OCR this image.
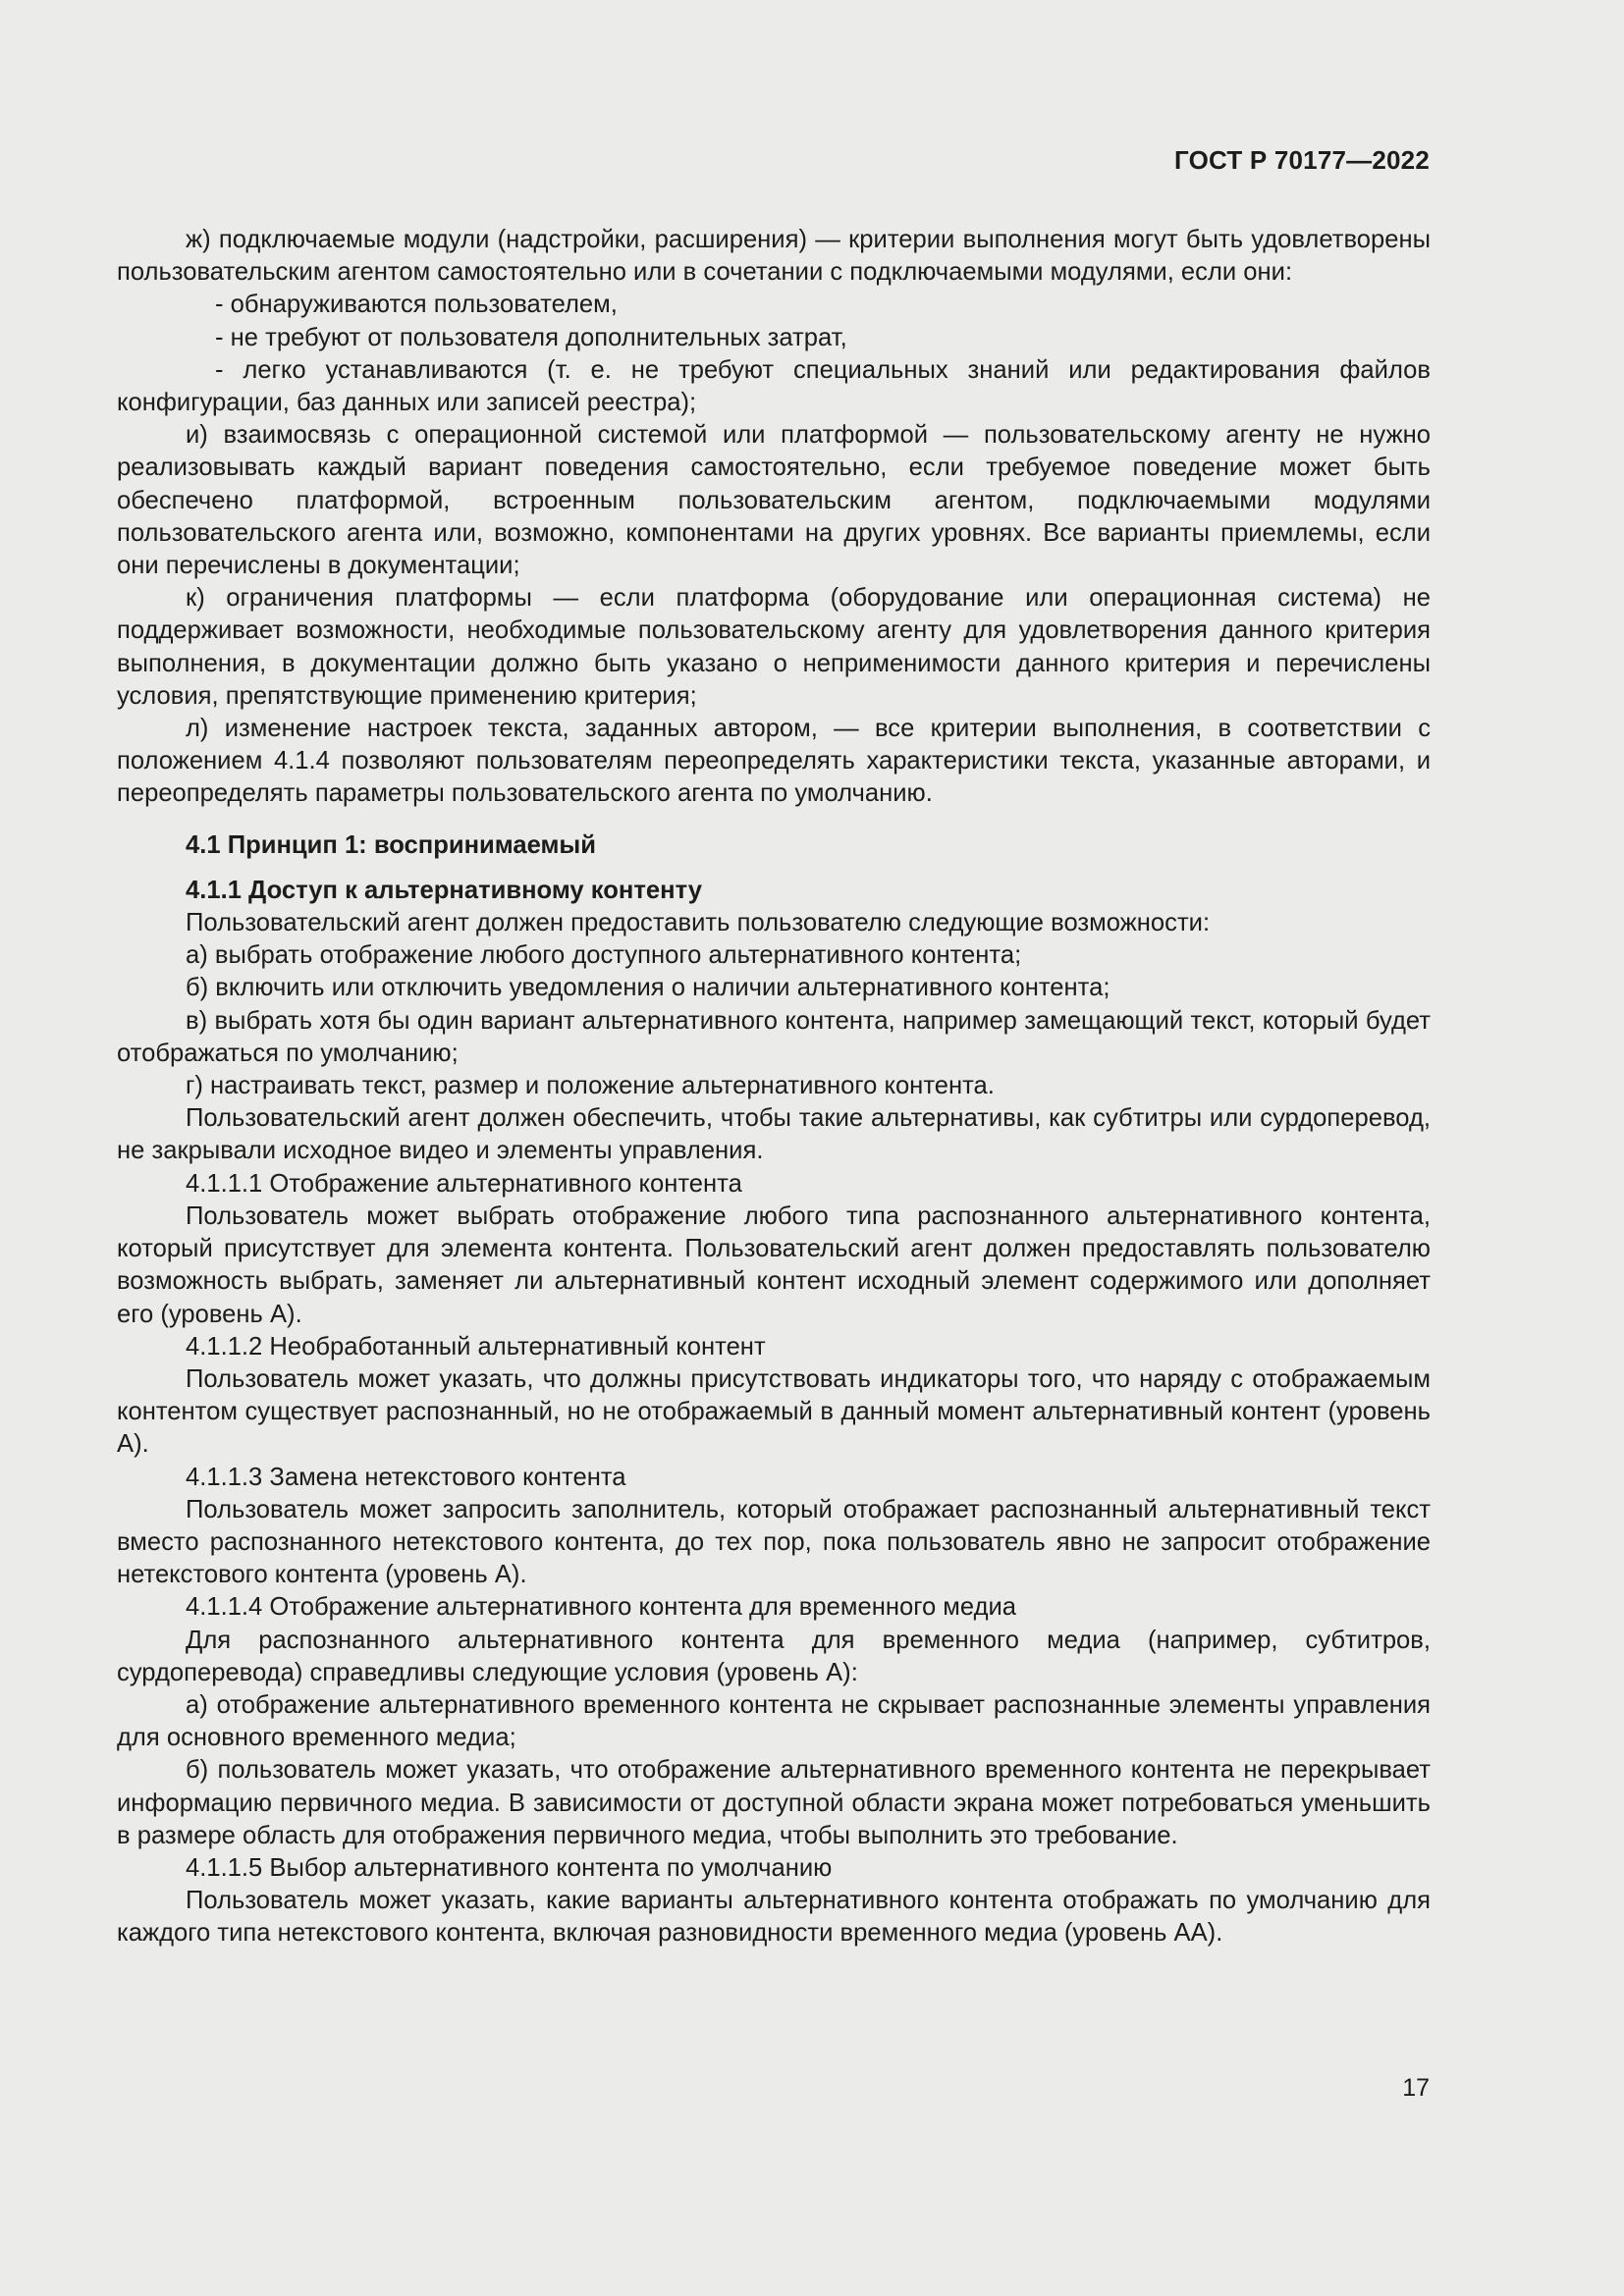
ГОСТ Р 70177—2022

ж) подключаемые модули (надстройки, расширения) — критерии выполнения могут быть удовлетворены пользовательским агентом самостоятельно или в сочетании с подключаемыми модулями, если они:

- обнаруживаются пользователем,

- не требуют от пользователя дополнительных затрат,

- легко устанавливаются (т. е. не требуют специальных знаний или редактирования файлов конфигурации, баз данных или записей реестра);

и) взаимосвязь с операционной системой или платформой — пользовательскому агенту не нужно реализовывать каждый вариант поведения самостоятельно, если требуемое поведение может быть обеспечено платформой, встроенным пользовательским агентом, подключаемыми модулями пользовательского агента или, возможно, компонентами на других уровнях. Все варианты приемлемы, если они перечислены в документации;

к) ограничения платформы — если платформа (оборудование или операционная система) не поддерживает возможности, необходимые пользовательскому агенту для удовлетворения данного критерия выполнения, в документации должно быть указано о неприменимости данного критерия и перечислены условия, препятствующие применению критерия;

л) изменение настроек текста, заданных автором, — все критерии выполнения, в соответствии с положением 4.1.4 позволяют пользователям переопределять характеристики текста, указанные авторами, и переопределять параметры пользовательского агента по умолчанию.

4.1 Принцип 1: воспринимаемый

4.1.1 Доступ к альтернативному контенту

Пользовательский агент должен предоставить пользователю следующие возможности:

а) выбрать отображение любого доступного альтернативного контента;

б) включить или отключить уведомления о наличии альтернативного контента;

в) выбрать хотя бы один вариант альтернативного контента, например замещающий текст, который будет отображаться по умолчанию;

г) настраивать текст, размер и положение альтернативного контента.

Пользовательский агент должен обеспечить, чтобы такие альтернативы, как субтитры или сурдоперевод, не закрывали исходное видео и элементы управления.

4.1.1.1 Отображение альтернативного контента

Пользователь может выбрать отображение любого типа распознанного альтернативного контента, который присутствует для элемента контента. Пользовательский агент должен предоставлять пользователю возможность выбрать, заменяет ли альтернативный контент исходный элемент содержимого или дополняет его (уровень А).

4.1.1.2 Необработанный альтернативный контент

Пользователь может указать, что должны присутствовать индикаторы того, что наряду с отображаемым контентом существует распознанный, но не отображаемый в данный момент альтернативный контент (уровень А).

4.1.1.3 Замена нетекстового контента

Пользователь может запросить заполнитель, который отображает распознанный альтернативный текст вместо распознанного нетекстового контента, до тех пор, пока пользователь явно не запросит отображение нетекстового контента (уровень А).

4.1.1.4 Отображение альтернативного контента для временного медиа

Для распознанного альтернативного контента для временного медиа (например, субтитров, сурдоперевода) справедливы следующие условия (уровень А):

а) отображение альтернативного временного контента не скрывает распознанные элементы управления для основного временного медиа;

б) пользователь может указать, что отображение альтернативного временного контента не перекрывает информацию первичного медиа. В зависимости от доступной области экрана может потребоваться уменьшить в размере область для отображения первичного медиа, чтобы выполнить это требование.

4.1.1.5 Выбор альтернативного контента по умолчанию

Пользователь может указать, какие варианты альтернативного контента отображать по умолчанию для каждого типа нетекстового контента, включая разновидности временного медиа (уровень АА).

17
